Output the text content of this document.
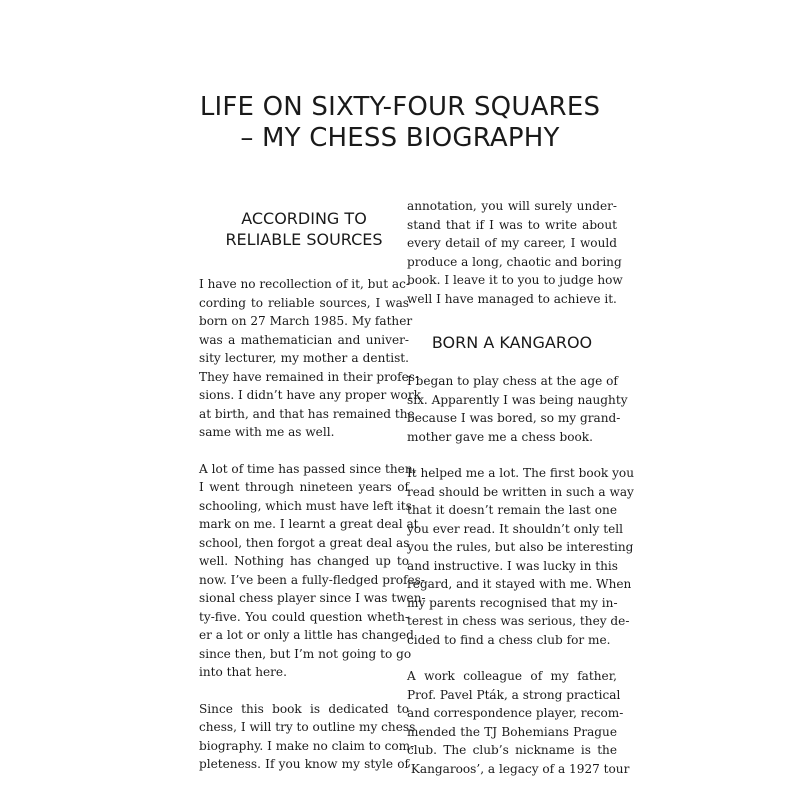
LIFE ON SIXTY-FOUR SQUARES
– MY CHESS BIOGRAPHY
ACCORDING TO
RELIABLE SOURCES

I have no recollection of it, but ac-
cording to reliable sources, I was
born on 27 March 1985. My father
was a mathematician and univer-
sity lecturer, my mother a dentist.
They have remained in their profes-
sions. I didn’t have any proper work
at birth, and that has remained the
same with me as well.

A lot of time has passed since then.
I went through nineteen years of
schooling, which must have left its
mark on me. I learnt a great deal at
school, then forgot a great deal as
well. Nothing has changed up to
now. I’ve been a fully-fledged profes-
sional chess player since I was twen-
ty-five. You could question wheth-
er a lot or only a little has changed
since then, but I’m not going to go
into that here.

Since this book is dedicated to
chess, I will try to outline my chess
biography. I make no claim to com-
pleteness. If you know my style of

annotation, you will surely under-
stand that if I was to write about
every detail of my career, I would
produce a long, chaotic and boring
book. I leave it to you to judge how
well I have managed to achieve it.

BORN A KANGAROO

I began to play chess at the age of
six. Apparently I was being naughty
because I was bored, so my grand-
mother gave me a chess book.

It helped me a lot. The first book you
read should be written in such a way
that it doesn’t remain the last one
you ever read. It shouldn’t only tell
you the rules, but also be interesting
and instructive. I was lucky in this
regard, and it stayed with me. When
my parents recognised that my in-
terest in chess was serious, they de-
cided to find a chess club for me.

A work colleague of my father,
Prof. Pavel Pták, a strong practical
and correspondence player, recom-
mended the TJ Bohemians Prague
club. The club’s nickname is the
‘Kangaroos’, a legacy of a 1927 tour
